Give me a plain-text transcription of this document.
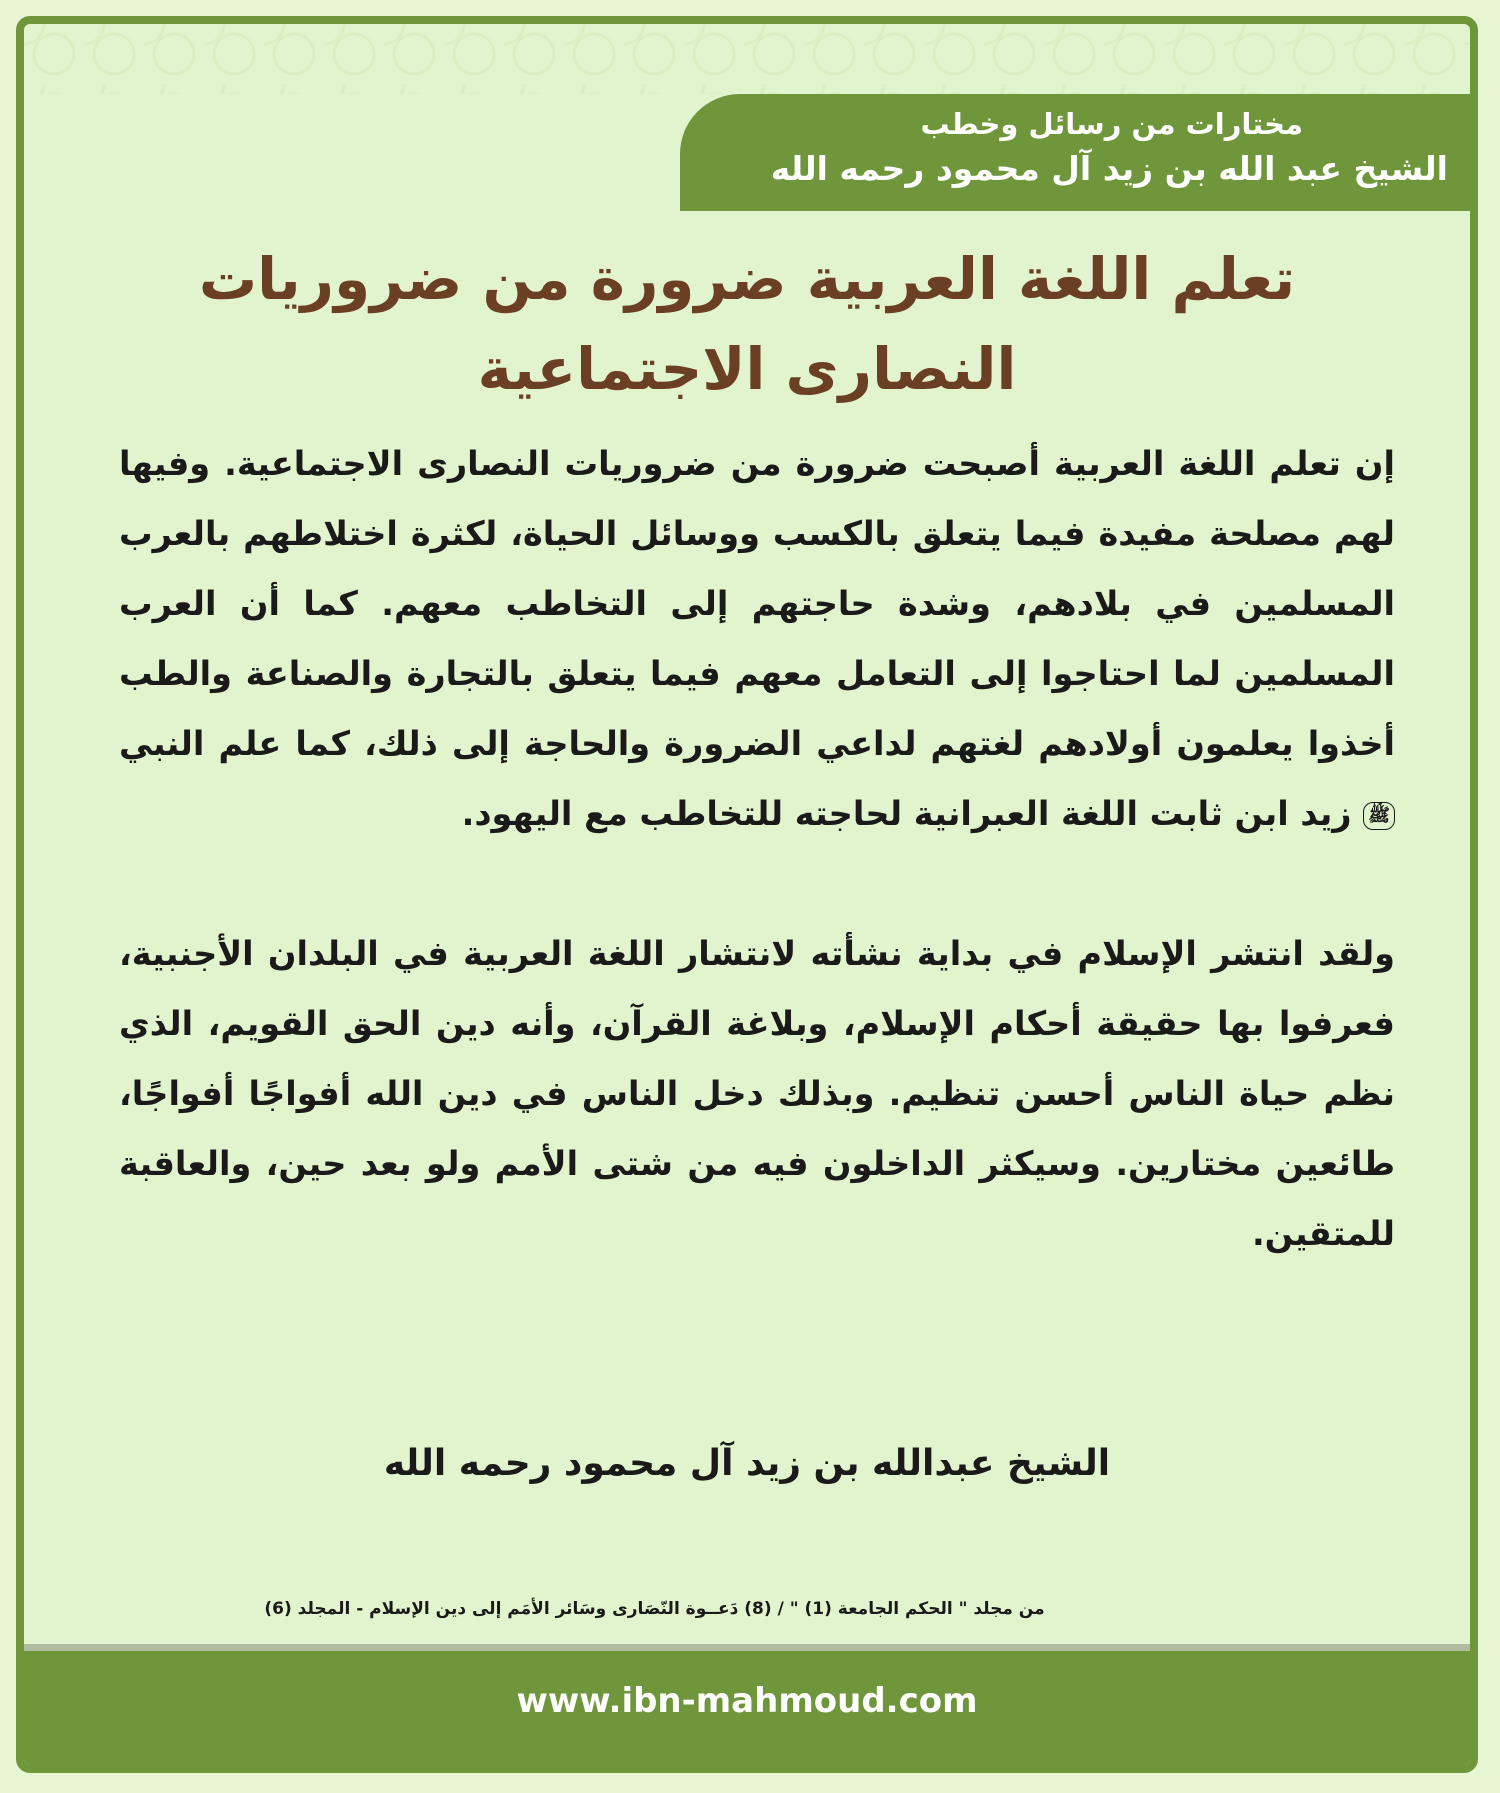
مختارات من رسائل وخطب
الشيخ عبد الله بن زيد آل محمود رحمه الله
تعلم اللغة العربية ضرورة من ضروريات
النصارى الاجتماعية

إن تعلم اللغة العربية أصبحت ضرورة من ضروريات النصارى الاجتماعية. وفيها لهم مصلحة مفيدة فيما يتعلق بالكسب ووسائل الحياة، لكثرة اختلاطهم بالعرب المسلمين في بلادهم، وشدة حاجتهم إلى التخاطب معهم. كما أن العرب المسلمين لما احتاجوا إلى التعامل معهم فيما يتعلق بالتجارة والصناعة والطب أخذوا يعلمون أولادهم لغتهم لداعي الضرورة والحاجة إلى ذلك، كما علم النبي ﷺ زيد ابن ثابت اللغة العبرانية لحاجته للتخاطب مع اليهود.

ولقد انتشر الإسلام في بداية نشأته لانتشار اللغة العربية في البلدان الأجنبية، فعرفوا بها حقيقة أحكام الإسلام، وبلاغة القرآن، وأنه دين الحق القويم، الذي نظم حياة الناس أحسن تنظيم. وبذلك دخل الناس في دين الله أفواجًا أفواجًا، طائعين مختارين. وسيكثر الداخلون فيه من شتى الأمم ولو بعد حين، والعاقبة للمتقين.

الشيخ عبدالله بن زيد آل محمود رحمه الله
من مجلد " الحكم الجامعة (1) " / (8) دَعــوة النّصَارى وسَائر الأمَم إلى دين الإسلام - المجلد (6)
www.ibn-mahmoud.com
